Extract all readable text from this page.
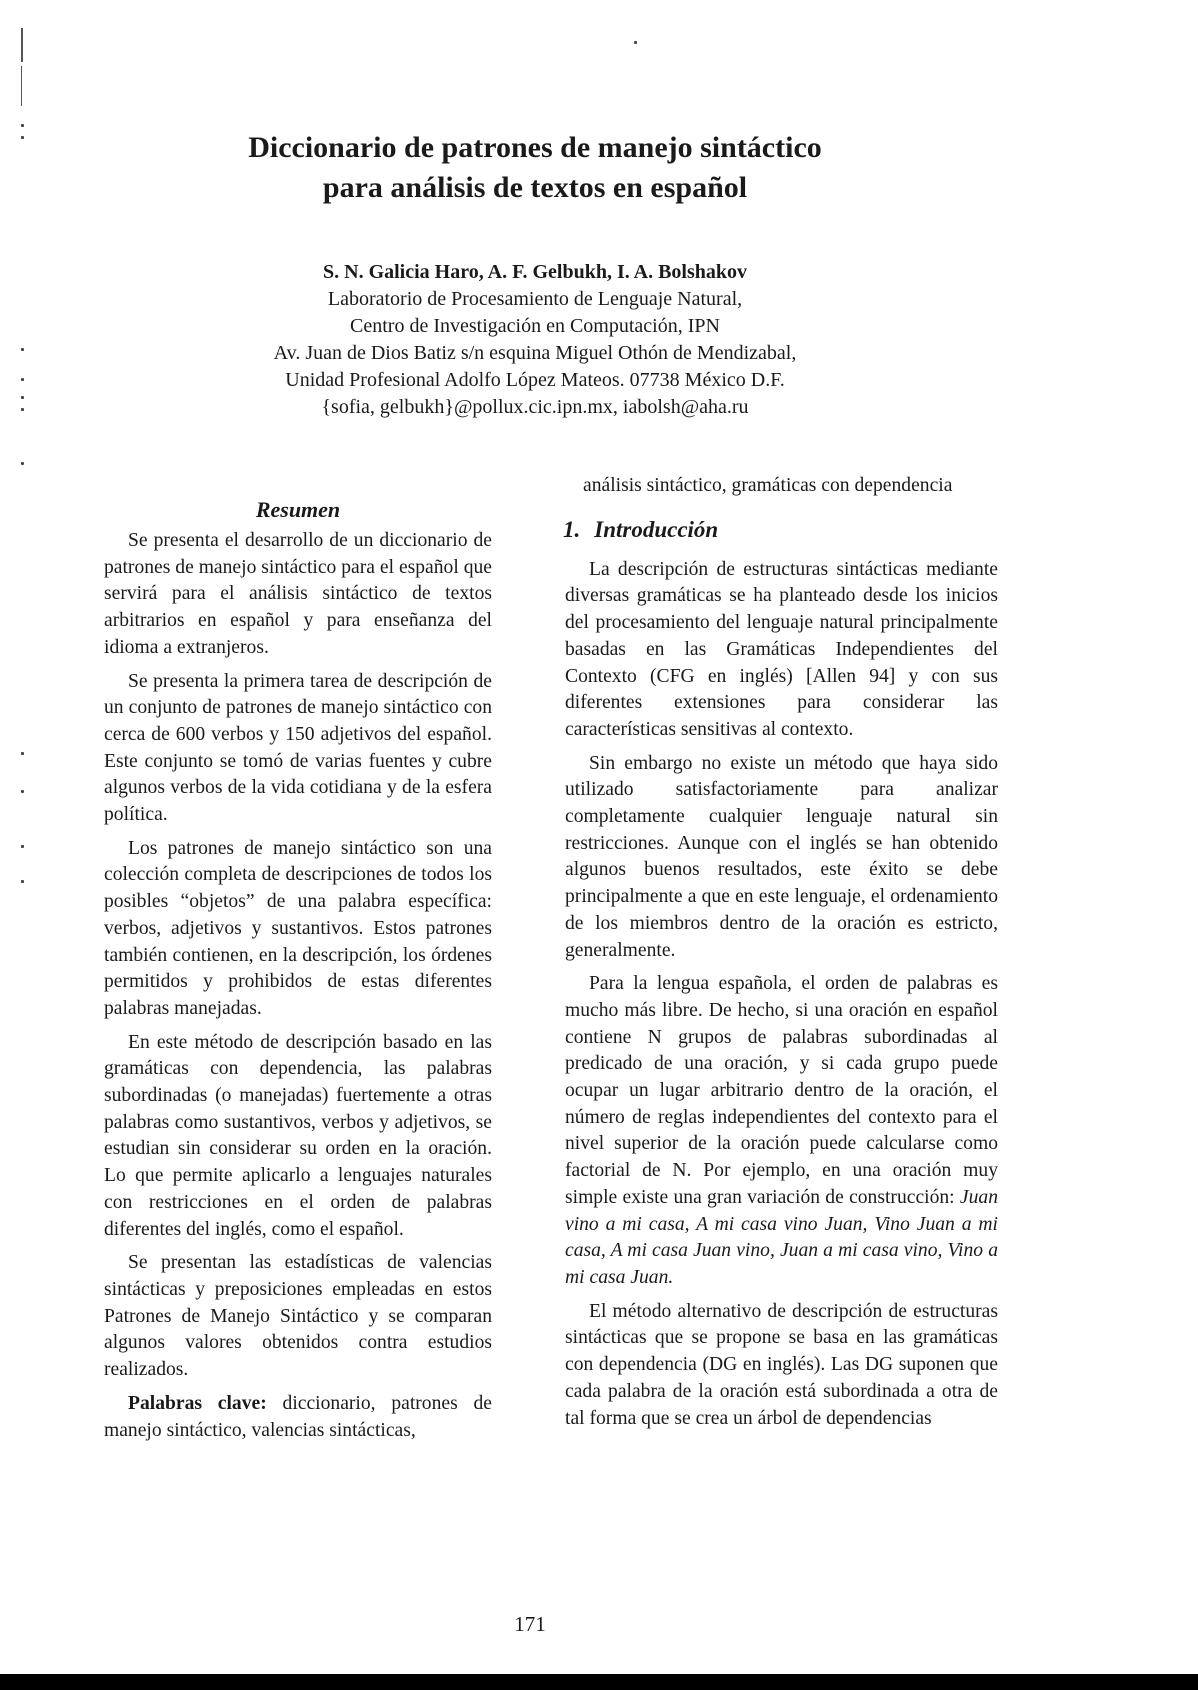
Diccionario de patrones de manejo sintáctico
para análisis de textos en español
S. N. Galicia Haro, A. F. Gelbukh, I. A. Bolshakov
Laboratorio de Procesamiento de Lenguaje Natural,
Centro de Investigación en Computación, IPN
Av. Juan de Dios Batiz s/n esquina Miguel Othón de Mendizabal,
Unidad Profesional Adolfo López Mateos. 07738 México D.F.
{sofia, gelbukh}@pollux.cic.ipn.mx, iabolsh@aha.ru
Resumen

Se presenta el desarrollo de un diccionario de patrones de manejo sintáctico para el español que servirá para el análisis sintáctico de textos arbitrarios en español y para enseñanza del idioma a extranjeros.

Se presenta la primera tarea de descripción de un conjunto de patrones de manejo sintáctico con cerca de 600 verbos y 150 adjetivos del español. Este conjunto se tomó de varias fuentes y cubre algunos verbos de la vida cotidiana y de la esfera política.

Los patrones de manejo sintáctico son una colección completa de descripciones de todos los posibles “objetos” de una palabra específica: verbos, adjetivos y sustantivos. Estos patrones también contienen, en la descripción, los órdenes permitidos y prohibidos de estas diferentes palabras manejadas.

En este método de descripción basado en las gramáticas con dependencia, las palabras subordinadas (o manejadas) fuertemente a otras palabras como sustantivos, verbos y adjetivos, se estudian sin considerar su orden en la oración. Lo que permite aplicarlo a lenguajes naturales con restricciones en el orden de palabras diferentes del inglés, como el español.

Se presentan las estadísticas de valencias sintácticas y preposiciones empleadas en estos Patrones de Manejo Sintáctico y se comparan algunos valores obtenidos contra estudios realizados.

Palabras clave: diccionario, patrones de manejo sintáctico, valencias sintácticas,

análisis sintáctico, gramáticas con dependencia

1. Introducción

La descripción de estructuras sintácticas mediante diversas gramáticas se ha planteado desde los inicios del procesamiento del lenguaje natural principalmente basadas en las Gramáticas Independientes del Contexto (CFG en inglés) [Allen 94] y con sus diferentes extensiones para considerar las características sensitivas al contexto.

Sin embargo no existe un método que haya sido utilizado satisfactoriamente para analizar completamente cualquier lenguaje natural sin restricciones. Aunque con el inglés se han obtenido algunos buenos resultados, este éxito se debe principalmente a que en este lenguaje, el ordenamiento de los miembros dentro de la oración es estricto, generalmente.

Para la lengua española, el orden de palabras es mucho más libre. De hecho, si una oración en español contiene N grupos de palabras subordinadas al predicado de una oración, y si cada grupo puede ocupar un lugar arbitrario dentro de la oración, el número de reglas independientes del contexto para el nivel superior de la oración puede calcularse como factorial de N. Por ejemplo, en una oración muy simple existe una gran variación de construcción: Juan vino a mi casa, A mi casa vino Juan, Vino Juan a mi casa, A mi casa Juan vino, Juan a mi casa vino, Vino a mi casa Juan.

El método alternativo de descripción de estructuras sintácticas que se propone se basa en las gramáticas con dependencia (DG en inglés). Las DG suponen que cada palabra de la oración está subordinada a otra de tal forma que se crea un árbol de dependencias

171
